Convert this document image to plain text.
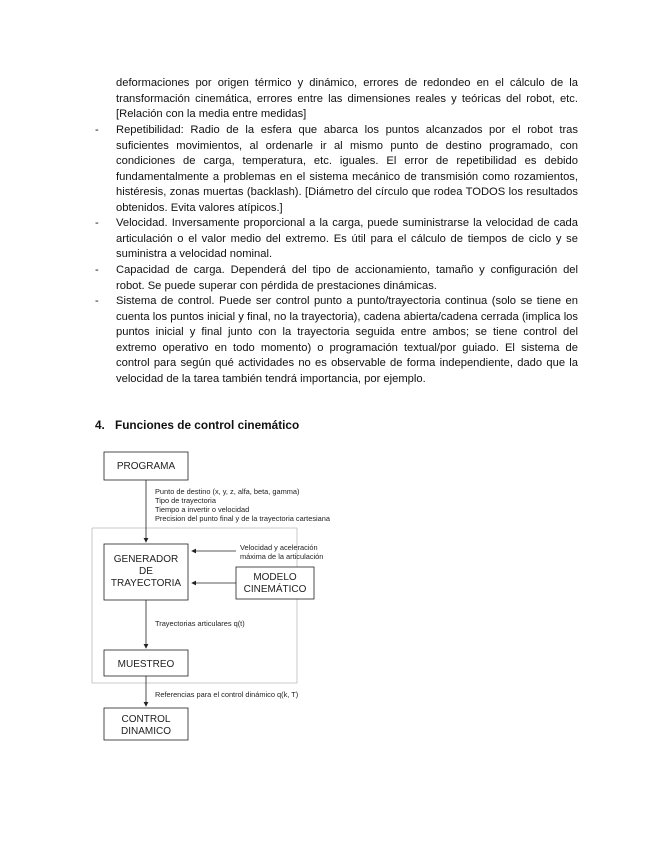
deformaciones por origen térmico y dinámico, errores de redondeo en el cálculo de la transformación cinemática, errores entre las dimensiones reales y teóricas del robot, etc. [Relación con la media entre medidas]
- Repetibilidad: Radio de la esfera que abarca los puntos alcanzados por el robot tras suficientes movimientos, al ordenarle ir al mismo punto de destino programado, con condiciones de carga, temperatura, etc. iguales. El error de repetibilidad es debido fundamentalmente a problemas en el sistema mecánico de transmisión como rozamientos, histéresis, zonas muertas (backlash). [Diámetro del círculo que rodea TODOS los resultados obtenidos. Evita valores atípicos.]
- Velocidad. Inversamente proporcional a la carga, puede suministrarse la velocidad de cada articulación o el valor medio del extremo. Es útil para el cálculo de tiempos de ciclo y se suministra a velocidad nominal.
- Capacidad de carga. Dependerá del tipo de accionamiento, tamaño y configuración del robot. Se puede superar con pérdida de prestaciones dinámicas.
- Sistema de control. Puede ser control punto a punto/trayectoria continua (solo se tiene en cuenta los puntos inicial y final, no la trayectoria), cadena abierta/cadena cerrada (implica los puntos inicial y final junto con la trayectoria seguida entre ambos; se tiene control del extremo operativo en todo momento) o programación textual/por guiado. El sistema de control para según qué actividades no es observable de forma independiente, dado que la velocidad de la tarea también tendrá importancia, por ejemplo.
4. Funciones de control cinemático
PROGRAMA
Punto de destino (x, y, z, alfa, beta, gamma)
Tipo de trayectoria
Tiempo a invertir o velocidad
Precision del punto final y de la trayectoria cartesiana
GENERADOR
DE
TRAYECTORIA
Velocidad y aceleración
máxima de la articulación
MODELO
CINEMÁTICO
Trayectorias articulares q(t)
MUESTREO
Referencias para el control dinámico q(k, T)
CONTROL
DINAMICO
